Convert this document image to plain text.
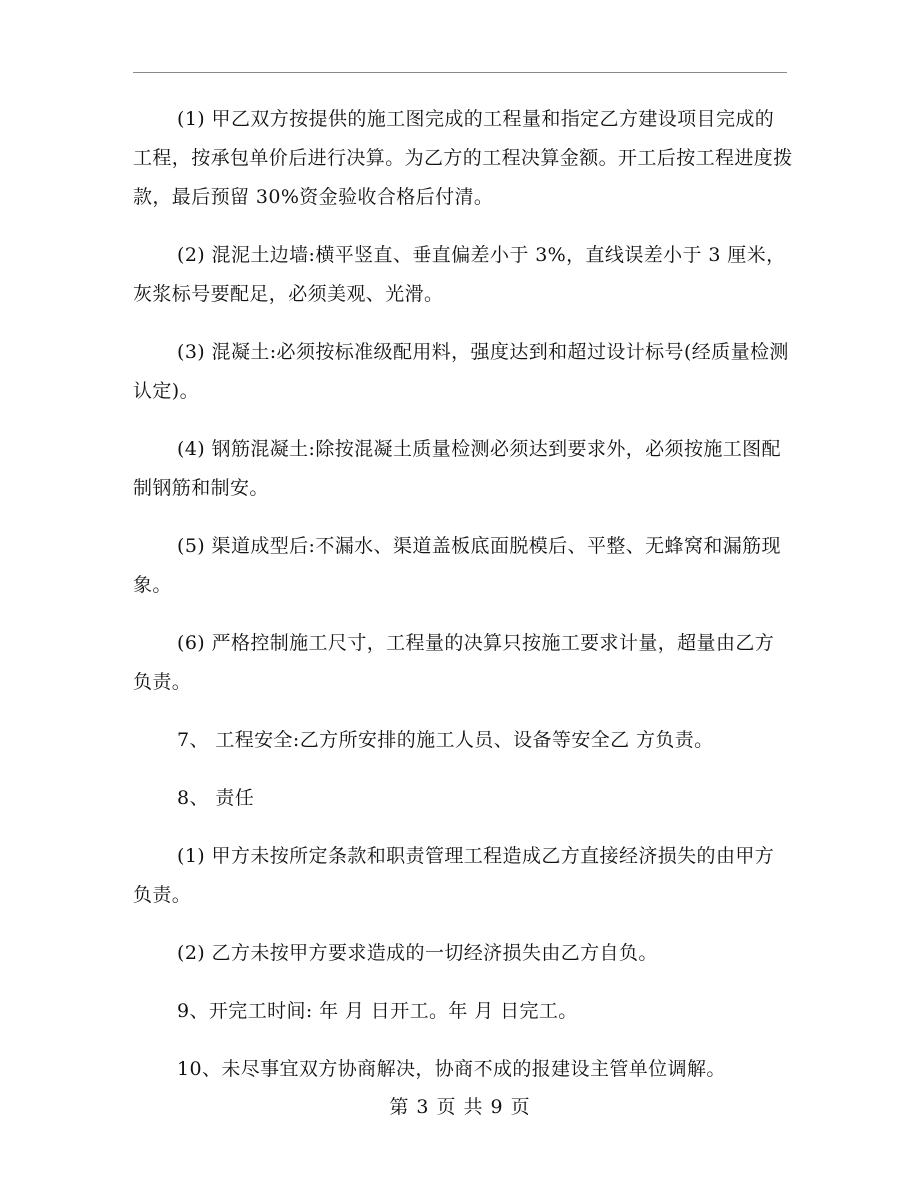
(1) 甲乙双方按提供的施工图完成的工程量和指定乙方建设项目完成的工程，按承包单价后进行决算。为乙方的工程决算金额。开工后按工程进度拨款，最后预留 30%资金验收合格后付清。

(2) 混泥土边墙:横平竖直、垂直偏差小于 3%，直线误差小于 3 厘米，灰浆标号要配足，必须美观、光滑。

(3) 混凝土:必须按标准级配用料，强度达到和超过设计标号(经质量检测认定)。

(4) 钢筋混凝土:除按混凝土质量检测必须达到要求外，必须按施工图配制钢筋和制安。

(5) 渠道成型后:不漏水、渠道盖板底面脱模后、平整、无蜂窝和漏筋现象。

(6) 严格控制施工尺寸，工程量的决算只按施工要求计量，超量由乙方负责。

7、 工程安全:乙方所安排的施工人员、设备等安全乙 方负责。

8、 责任

(1) 甲方未按所定条款和职责管理工程造成乙方直接经济损失的由甲方负责。

(2) 乙方未按甲方要求造成的一切经济损失由乙方自负。

9、开完工时间: 年 月 日开工。年 月 日完工。

10、未尽事宜双方协商解决，协商不成的报建设主管单位调解。

第 3 页 共 9 页
